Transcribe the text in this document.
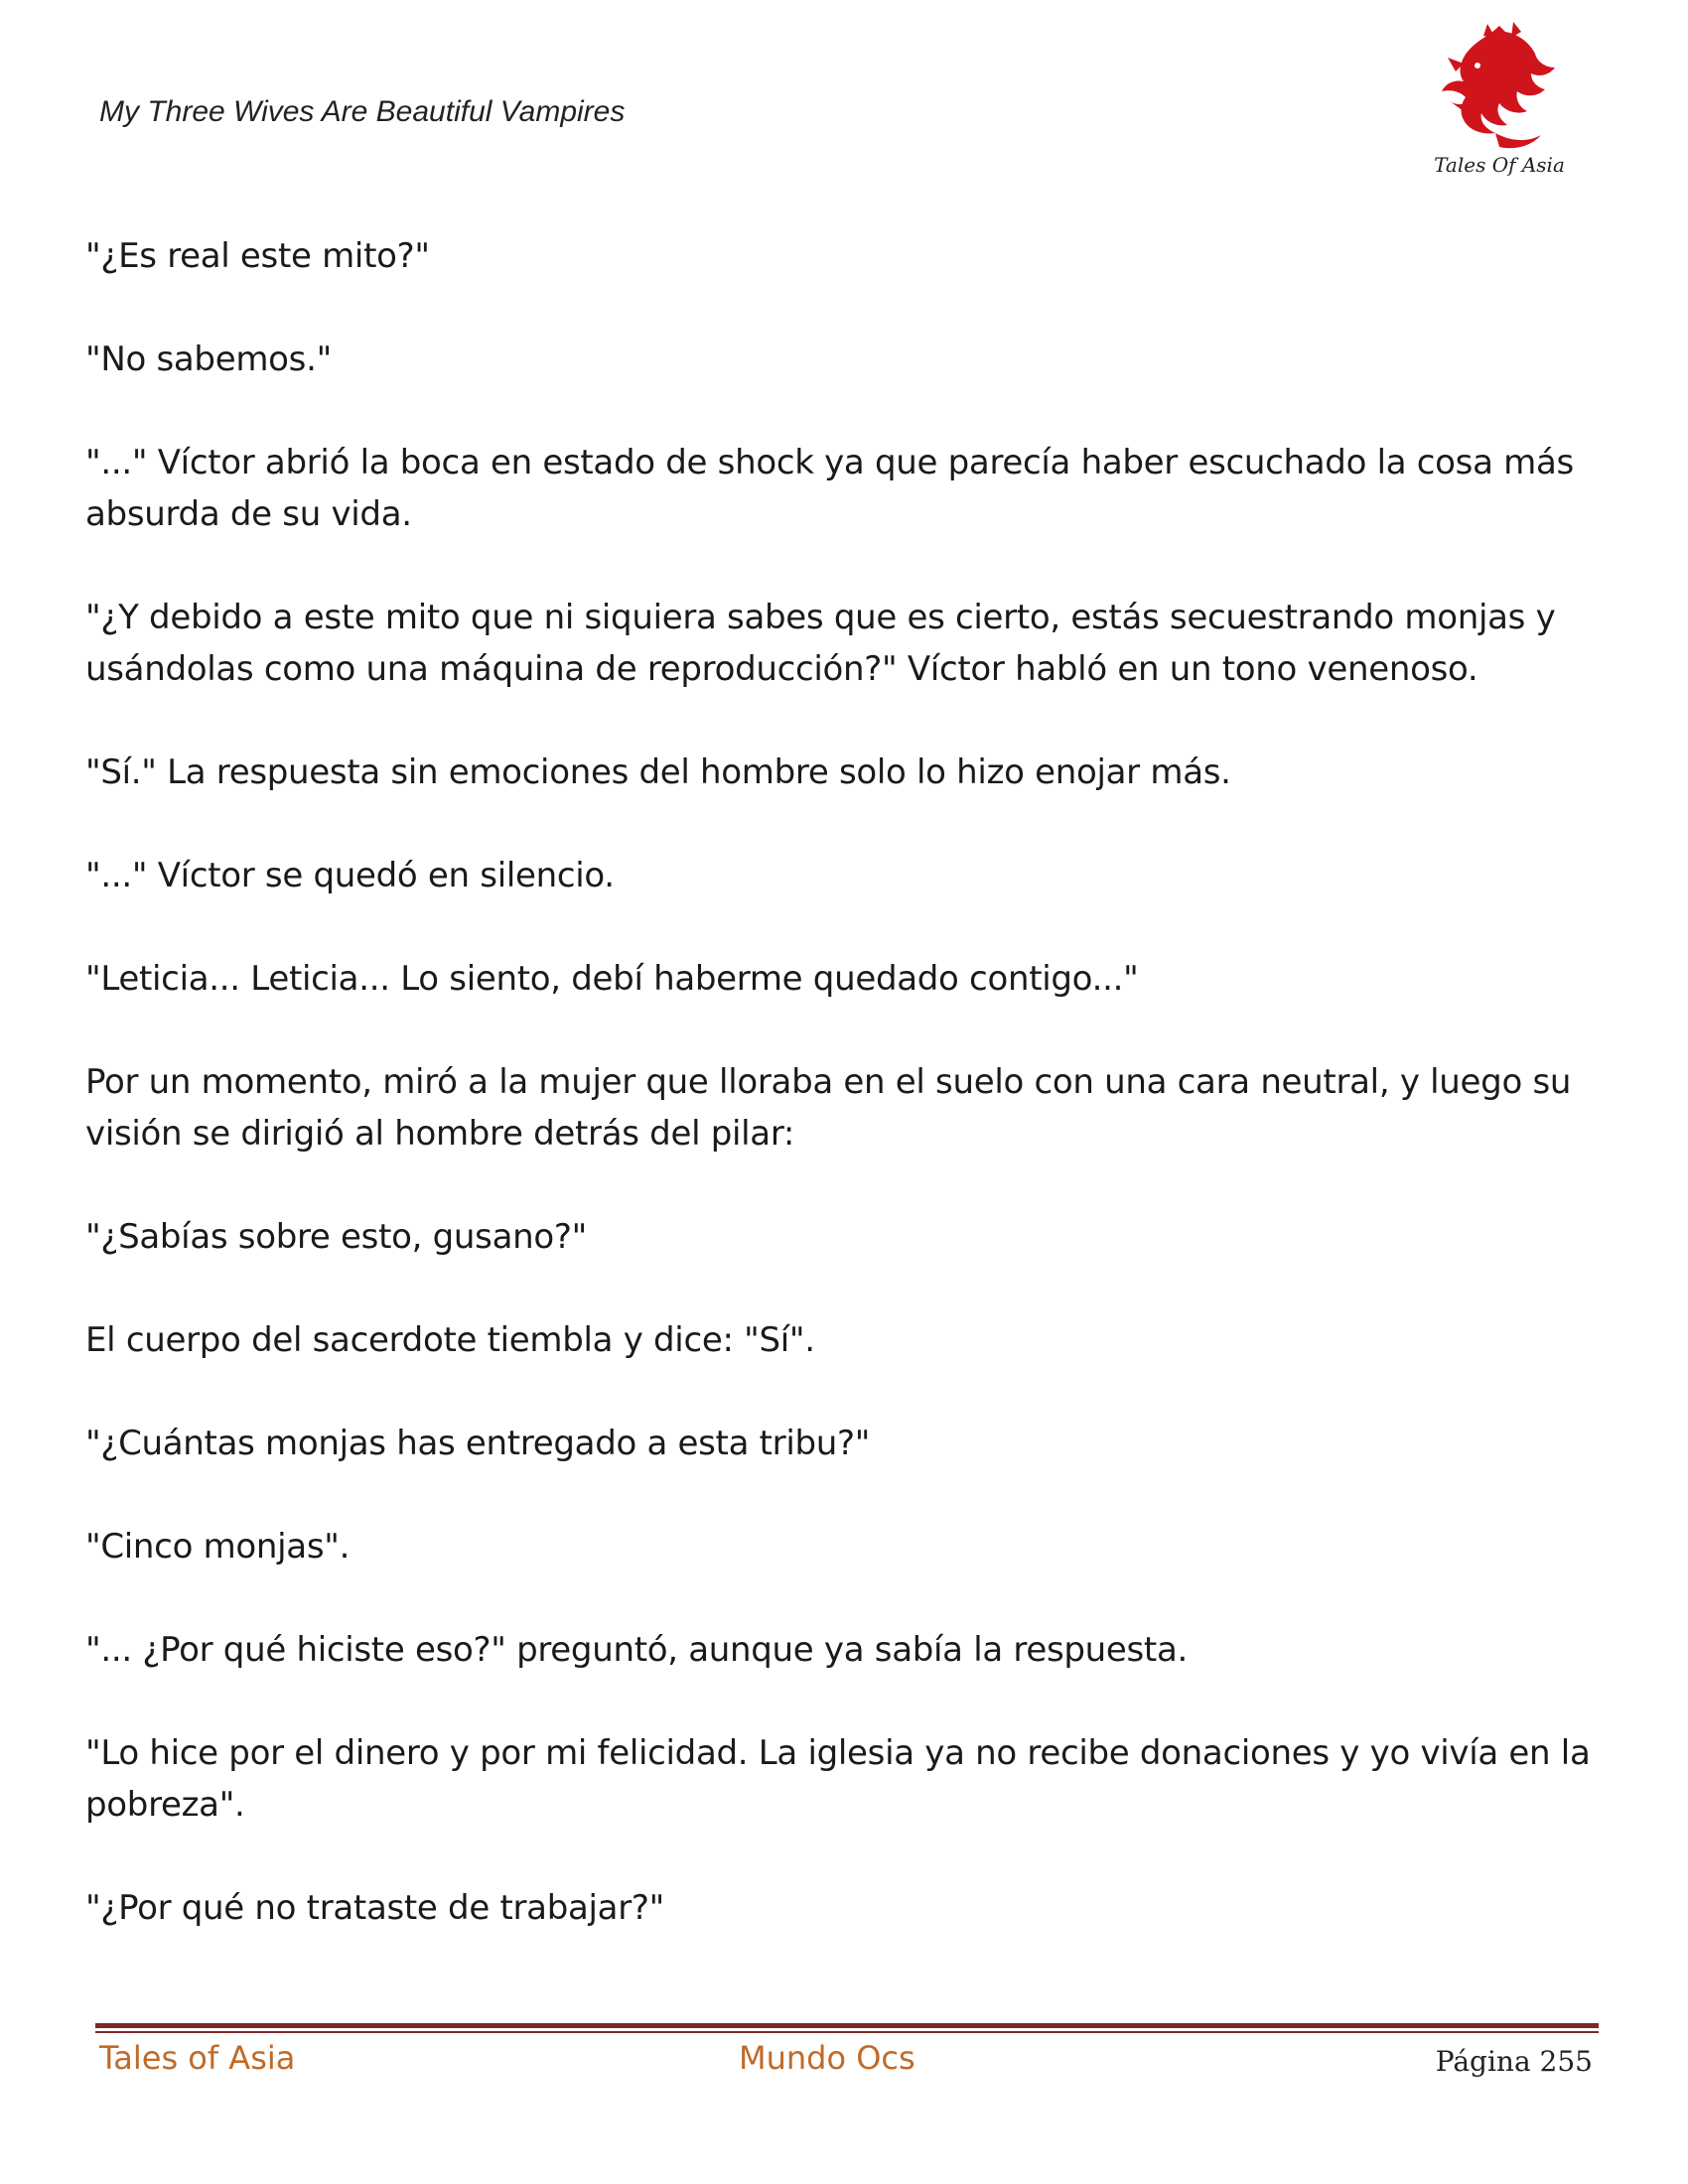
My Three Wives Are Beautiful Vampires
Tales Of Asia

"¿Es real este mito?"

"No sabemos."

"..." Víctor abrió la boca en estado de shock ya que parecía haber escuchado la cosa más absurda de su vida.

"¿Y debido a este mito que ni siquiera sabes que es cierto, estás secuestrando monjas y usándolas como una máquina de reproducción?" Víctor habló en un tono venenoso.

"Sí." La respuesta sin emociones del hombre solo lo hizo enojar más.

"..." Víctor se quedó en silencio.

"Leticia... Leticia... Lo siento, debí haberme quedado contigo..."

Por un momento, miró a la mujer que lloraba en el suelo con una cara neutral, y luego su visión se dirigió al hombre detrás del pilar:

"¿Sabías sobre esto, gusano?"

El cuerpo del sacerdote tiembla y dice: "Sí".

"¿Cuántas monjas has entregado a esta tribu?"

"Cinco monjas".

"... ¿Por qué hiciste eso?" preguntó, aunque ya sabía la respuesta.

"Lo hice por el dinero y por mi felicidad. La iglesia ya no recibe donaciones y yo vivía en la pobreza".

"¿Por qué no trataste de trabajar?"

Tales of Asia	Mundo Ocs	Página 255
